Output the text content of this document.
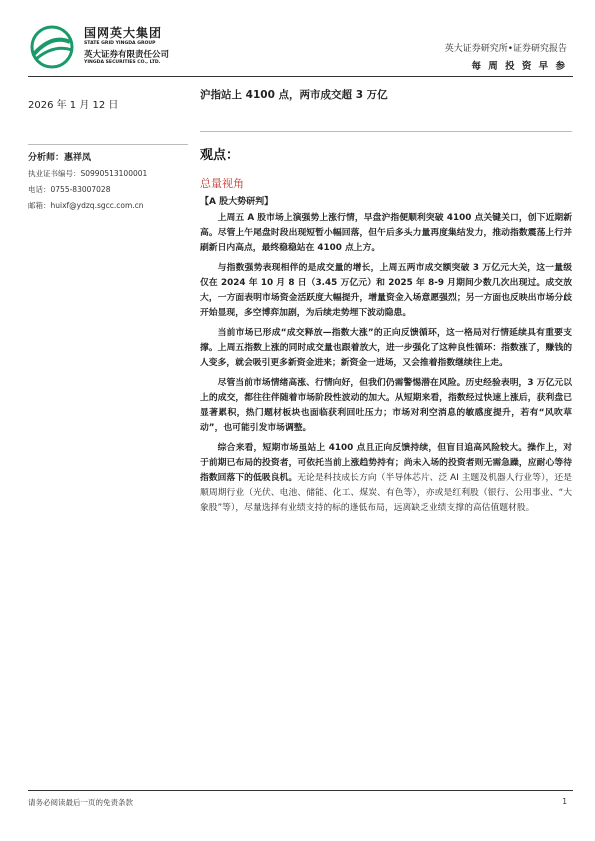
国网英大集团
STATE GRID YINGDA GROUP
英大证券有限责任公司
YINGDA SECURITIES CO., LTD.
英大证券研究所•证券研究报告
每 周 投 资 早 参
2026 年 1 月 12 日
沪指站上 4100 点，两市成交超 3 万亿
分析师：惠祥凤
执业证书编号：S0990513100001
电话：0755-83007028
邮箱：huixf@ydzq.sgcc.com.cn
观点：
总量视角
【A 股大势研判】

上周五 A 股市场上演强势上涨行情，早盘沪指便顺利突破 4100 点关键关口，创下近期新高。尽管上午尾盘时段出现短暂小幅回落，但午后多头力量再度集结发力，推动指数震荡上行并刷新日内高点，最终稳稳站在 4100 点上方。

与指数强势表现相伴的是成交量的增长，上周五两市成交额突破 3 万亿元大关，这一量级仅在 2024 年 10 月 8 日（3.45 万亿元）和 2025 年 8-9 月期间少数几次出现过。成交放大，一方面表明市场资金活跃度大幅提升，增量资金入场意愿强烈；另一方面也反映出市场分歧开始显现，多空博弈加剧，为后续走势埋下波动隐患。

当前市场已形成“成交释放—指数大涨”的正向反馈循环，这一格局对行情延续具有重要支撑。上周五指数上涨的同时成交量也跟着放大，进一步强化了这种良性循环：指数涨了，赚钱的人变多，就会吸引更多新资金进来；新资金一进场，又会推着指数继续往上走。

尽管当前市场情绪高涨、行情向好，但我们仍需警惕潜在风险。历史经验表明，3 万亿元以上的成交，都往往伴随着市场阶段性波动的加大。从短期来看，指数经过快速上涨后，获利盘已显著累积，热门题材板块也面临获利回吐压力；市场对利空消息的敏感度提升，若有“风吹草动”，也可能引发市场调整。

综合来看，短期市场虽站上 4100 点且正向反馈持续，但盲目追高风险较大。操作上，对于前期已布局的投资者，可依托当前上涨趋势持有；尚未入场的投资者则无需急躁，应耐心等待指数回落下的低吸良机。无论是科技成长方向（半导体芯片、泛 AI 主题及机器人行业等），还是顺周期行业（光伏、电池、储能、化工、煤炭、有色等），亦或是红利股（银行、公用事业、“大象股”等），尽量选择有业绩支持的标的逢低布局，远离缺乏业绩支撑的高估值题材股。

请务必阅读最后一页的免责条款	1
